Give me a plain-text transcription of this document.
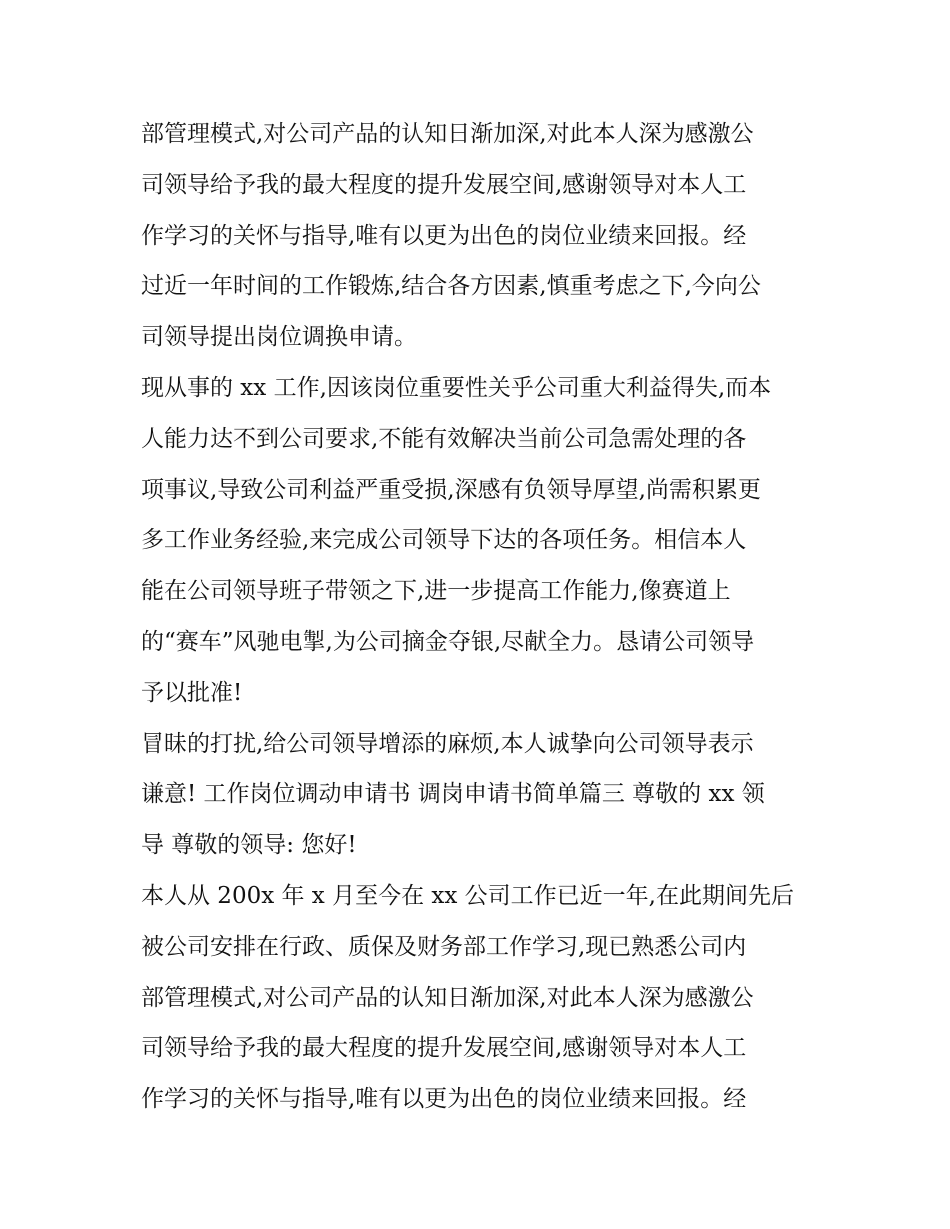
部管理模式,对公司产品的认知日渐加深,对此本人深为感激公
司领导给予我的最大程度的提升发展空间,感谢领导对本人工
作学习的关怀与指导,唯有以更为出色的岗位业绩来回报。经
过近一年时间的工作锻炼,结合各方因素,慎重考虑之下,今向公
司领导提出岗位调换申请。
现从事的 xx 工作,因该岗位重要性关乎公司重大利益得失,而本
人能力达不到公司要求,不能有效解决当前公司急需处理的各
项事议,导致公司利益严重受损,深感有负领导厚望,尚需积累更
多工作业务经验,来完成公司领导下达的各项任务。相信本人
能在公司领导班子带领之下,进一步提高工作能力,像赛道上
的“赛车”风驰电掣,为公司摘金夺银,尽献全力。恳请公司领导
予以批准!
冒昧的打扰,给公司领导增添的麻烦,本人诚挚向公司领导表示
谦意! 工作岗位调动申请书 调岗申请书简单篇三 尊敬的 xx 领
导 尊敬的领导: 您好!
本人从 200x 年 x 月至今在 xx 公司工作已近一年,在此期间先后
被公司安排在行政、质保及财务部工作学习,现已熟悉公司内
部管理模式,对公司产品的认知日渐加深,对此本人深为感激公
司领导给予我的最大程度的提升发展空间,感谢领导对本人工
作学习的关怀与指导,唯有以更为出色的岗位业绩来回报。经
